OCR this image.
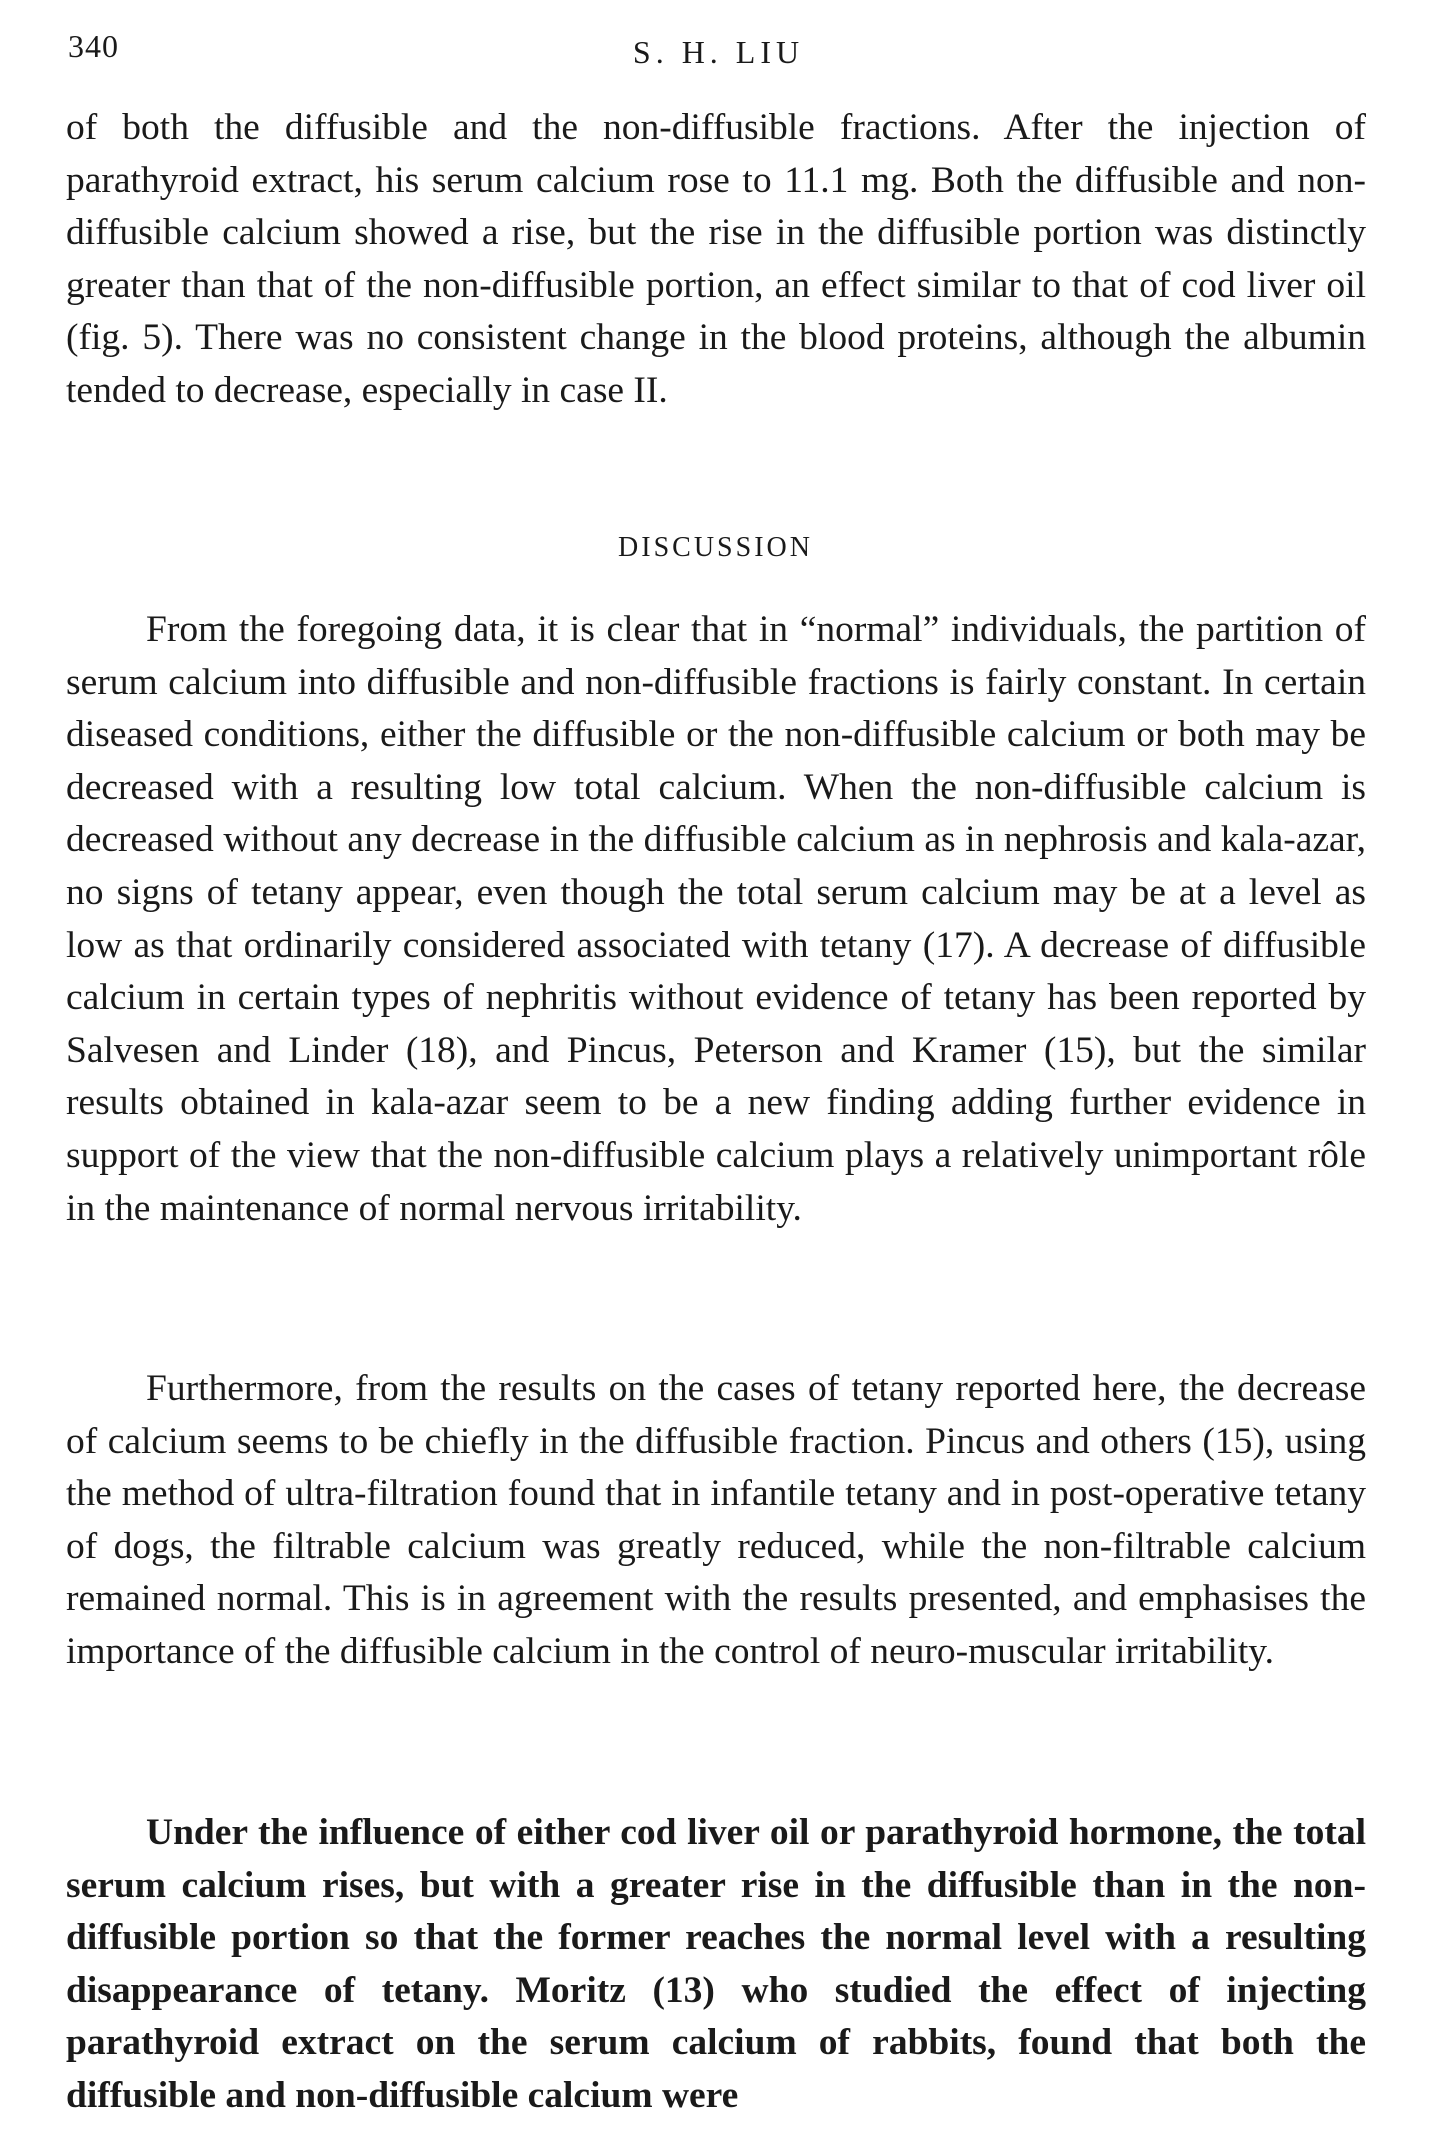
340	S. H. LIU

of both the diffusible and the non-diffusible fractions. After the injection of parathyroid extract, his serum calcium rose to 11.1 mg. Both the diffusible and non-diffusible calcium showed a rise, but the rise in the diffusible portion was distinctly greater than that of the non-diffusible portion, an effect similar to that of cod liver oil (fig. 5). There was no consistent change in the blood proteins, although the albumin tended to decrease, especially in case II.

DISCUSSION

From the foregoing data, it is clear that in “normal” individuals, the partition of serum calcium into diffusible and non-diffusible fractions is fairly constant. In certain diseased conditions, either the diffusible or the non-diffusible calcium or both may be decreased with a resulting low total calcium. When the non-diffusible calcium is decreased without any decrease in the diffusible calcium as in nephrosis and kala-azar, no signs of tetany appear, even though the total serum calcium may be at a level as low as that ordinarily considered associated with tetany (17). A decrease of diffusible calcium in certain types of nephritis without evidence of tetany has been reported by Salvesen and Linder (18), and Pincus, Peterson and Kramer (15), but the similar results obtained in kala-azar seem to be a new finding adding further evidence in support of the view that the non-diffusible calcium plays a relatively unimportant rôle in the maintenance of normal nervous irritability.

Furthermore, from the results on the cases of tetany reported here, the decrease of calcium seems to be chiefly in the diffusible fraction. Pincus and others (15), using the method of ultra-filtration found that in infantile tetany and in post-operative tetany of dogs, the filtrable calcium was greatly reduced, while the non-filtrable calcium remained normal. This is in agreement with the results presented, and emphasises the importance of the diffusible calcium in the control of neuro-muscular irritability.

Under the influence of either cod liver oil or parathyroid hormone, the total serum calcium rises, but with a greater rise in the diffusible than in the non-diffusible portion so that the former reaches the normal level with a resulting disappearance of tetany. Moritz (13) who studied the effect of injecting parathyroid extract on the serum calcium of rabbits, found that both the diffusible and non-diffusible calcium were
